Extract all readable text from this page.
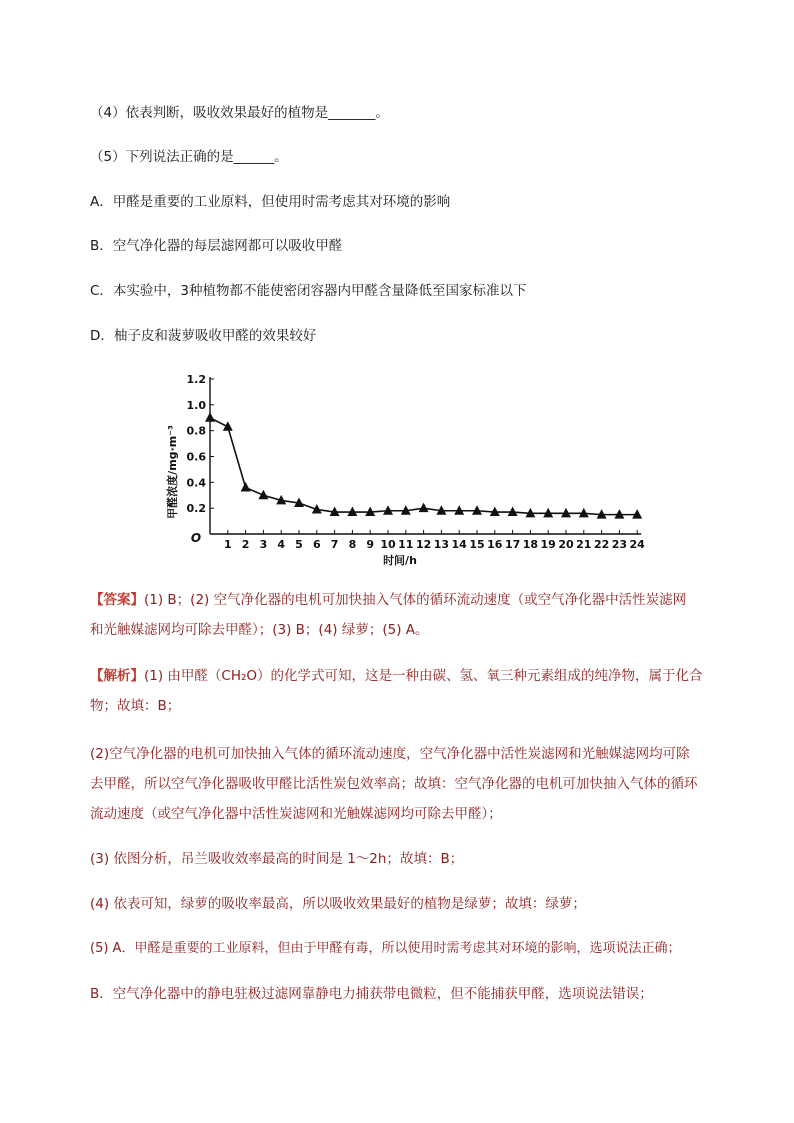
（4）依表判断，吸收效果最好的植物是_______。
（5）下列说法正确的是______。
A．甲醛是重要的工业原料，但使用时需考虑其对环境的影响
B．空气净化器的每层滤网都可以吸收甲醛
C．本实验中，3种植物都不能使密闭容器内甲醛含量降低至国家标准以下
D．柚子皮和菠萝吸收甲醛的效果较好
1 2 3 4 5 6 7 8 9 10 11 12 13 14 15 16 17 18 19 20 21 22 23 24
0.2
0.4
0.6
0.8
1.0
1.2
甲醛浓度/mg·m⁻³
时间/h
O
【答案】(1) B；(2) 空气净化器的电机可加快抽入气体的循环流动速度（或空气净化器中活性炭滤网
和光触媒滤网均可除去甲醛）；(3) B；(4) 绿萝；(5) A。
【解析】(1) 由甲醛（CH₂O）的化学式可知，这是一种由碳、氢、氧三种元素组成的纯净物，属于化合
物；故填：B；
(2)空气净化器的电机可加快抽入气体的循环流动速度，空气净化器中活性炭滤网和光触媒滤网均可除
去甲醛，所以空气净化器吸收甲醛比活性炭包效率高；故填：空气净化器的电机可加快抽入气体的循环
流动速度（或空气净化器中活性炭滤网和光触媒滤网均可除去甲醛）；
(3) 依图分析，吊兰吸收效率最高的时间是 1～2h；故填：B；
(4) 依表可知，绿萝的吸收率最高，所以吸收效果最好的植物是绿萝；故填：绿萝；
(5) A．甲醛是重要的工业原料，但由于甲醛有毒，所以使用时需考虑其对环境的影响，选项说法正确；
B．空气净化器中的静电驻极过滤网靠静电力捕获带电微粒，但不能捕获甲醛，选项说法错误；
